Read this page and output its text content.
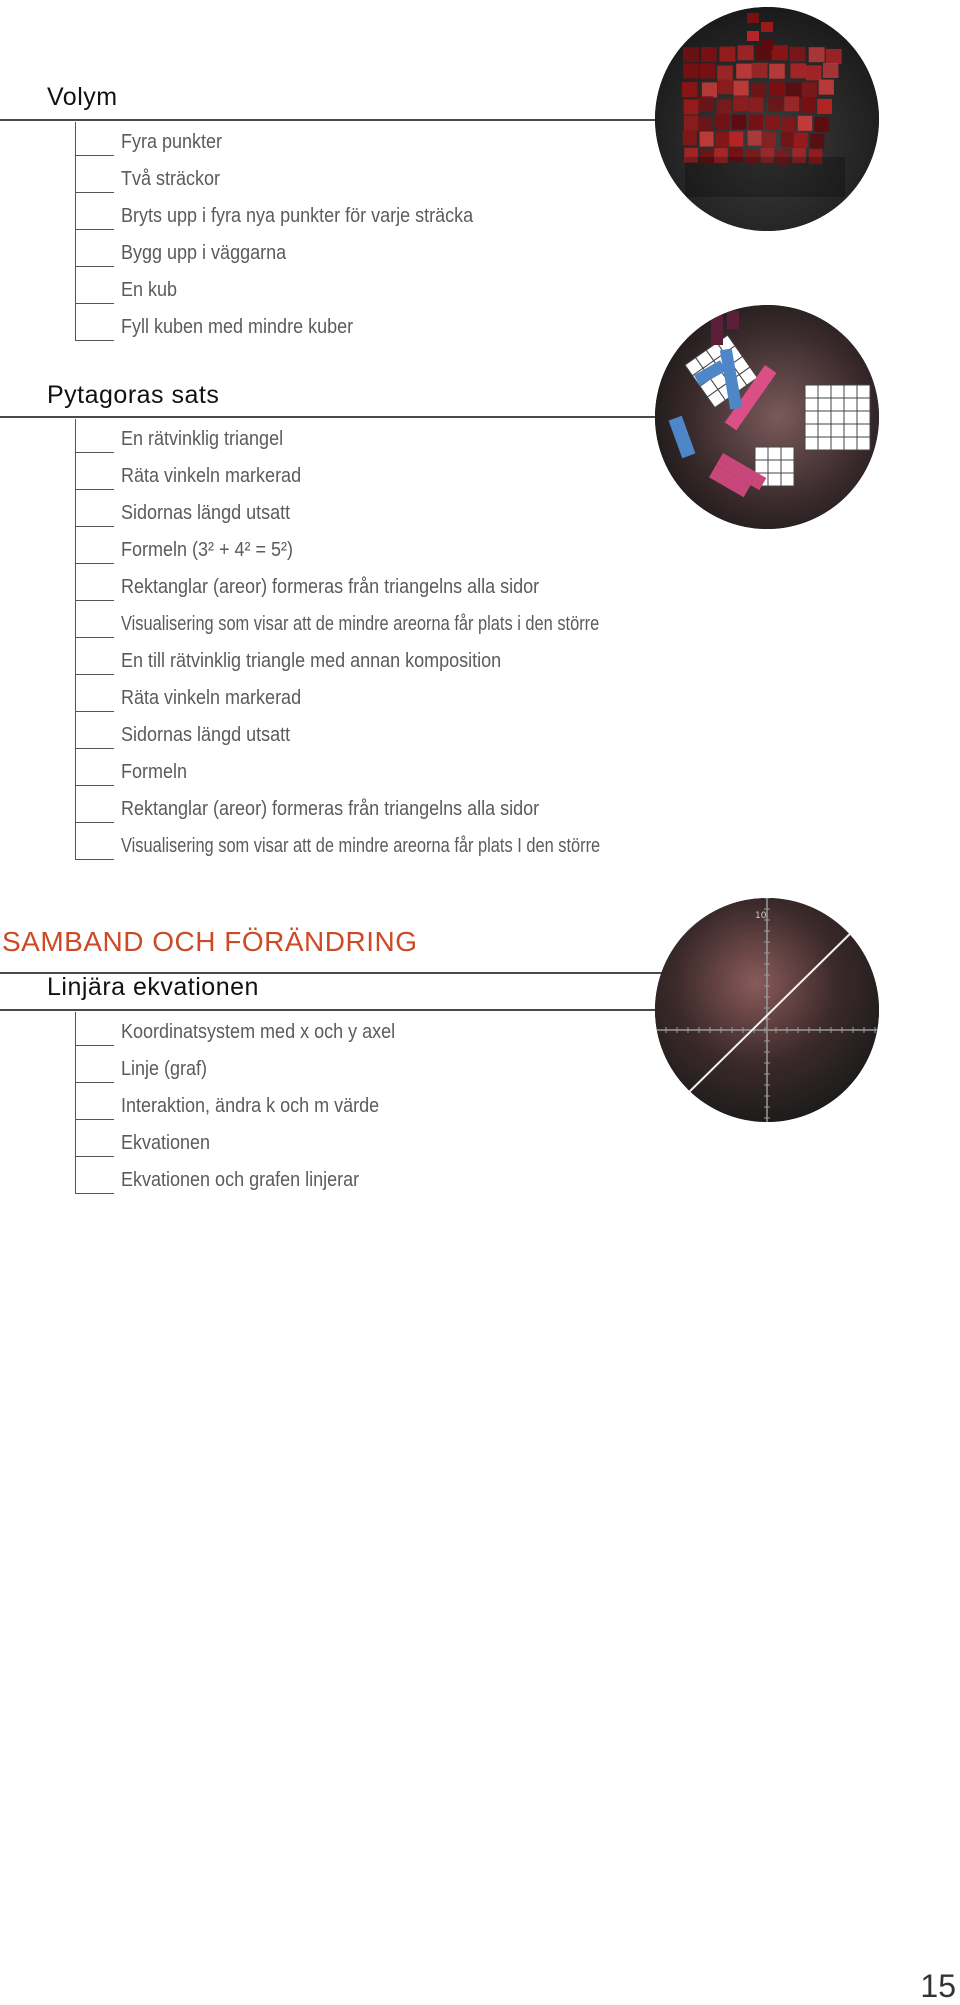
Volym
Fyra punkter
Två sträckor
Bryts upp i fyra nya punkter för varje sträcka
Bygg upp i väggarna
En kub
Fyll kuben med mindre kuber
Pytagoras sats
En rätvinklig triangel
Räta vinkeln markerad
Sidornas längd utsatt
Formeln (3² + 4² = 5²)
Rektanglar (areor) formeras från triangelns alla sidor
Visualisering som visar att de mindre areorna får plats i den större
En till rätvinklig triangle med annan komposition
Räta vinkeln markerad
Sidornas längd utsatt
Formeln
Rektanglar (areor) formeras från triangelns alla sidor
Visualisering som visar att de mindre areorna får plats I den större
SAMBAND OCH FÖRÄNDRING
Linjära ekvationen
Koordinatsystem med x och y axel
Linje (graf)
Interaktion, ändra k och m värde
Ekvationen
Ekvationen och grafen linjerar
10
15
